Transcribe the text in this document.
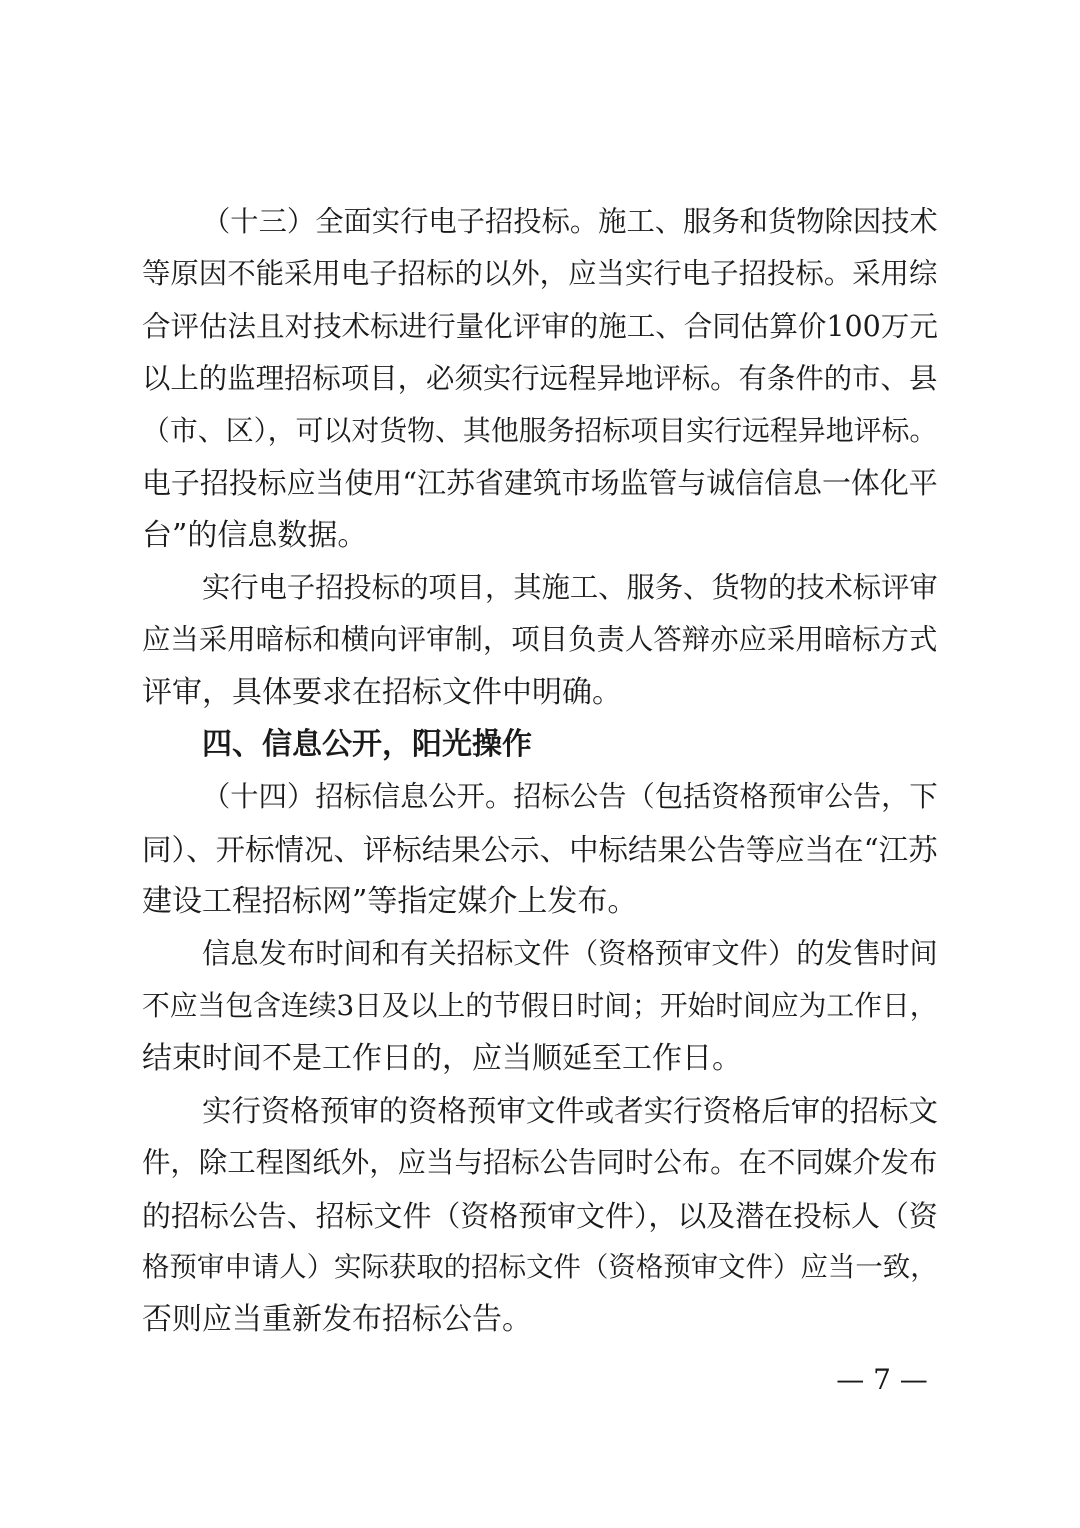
（十三）全面实行电子招投标。施工、服务和货物除因技术
等原因不能采用电子招标的以外，应当实行电子招投标。采用综
合评估法且对技术标进行量化评审的施工、合同估算价100万元
以上的监理招标项目，必须实行远程异地评标。有条件的市、县
（市、区），可以对货物、其他服务招标项目实行远程异地评标。
电子招投标应当使用“江苏省建筑市场监管与诚信信息一体化平
台”的信息数据。
实行电子招投标的项目，其施工、服务、货物的技术标评审
应当采用暗标和横向评审制，项目负责人答辩亦应采用暗标方式
评审，具体要求在招标文件中明确。
四、信息公开，阳光操作
（十四）招标信息公开。招标公告（包括资格预审公告，下
同）、开标情况、评标结果公示、中标结果公告等应当在“江苏
建设工程招标网”等指定媒介上发布。
信息发布时间和有关招标文件（资格预审文件）的发售时间
不应当包含连续3日及以上的节假日时间；开始时间应为工作日，
结束时间不是工作日的，应当顺延至工作日。
实行资格预审的资格预审文件或者实行资格后审的招标文
件，除工程图纸外，应当与招标公告同时公布。在不同媒介发布
的招标公告、招标文件（资格预审文件），以及潜在投标人（资
格预审申请人）实际获取的招标文件（资格预审文件）应当一致，
否则应当重新发布招标公告。
— 7 —
